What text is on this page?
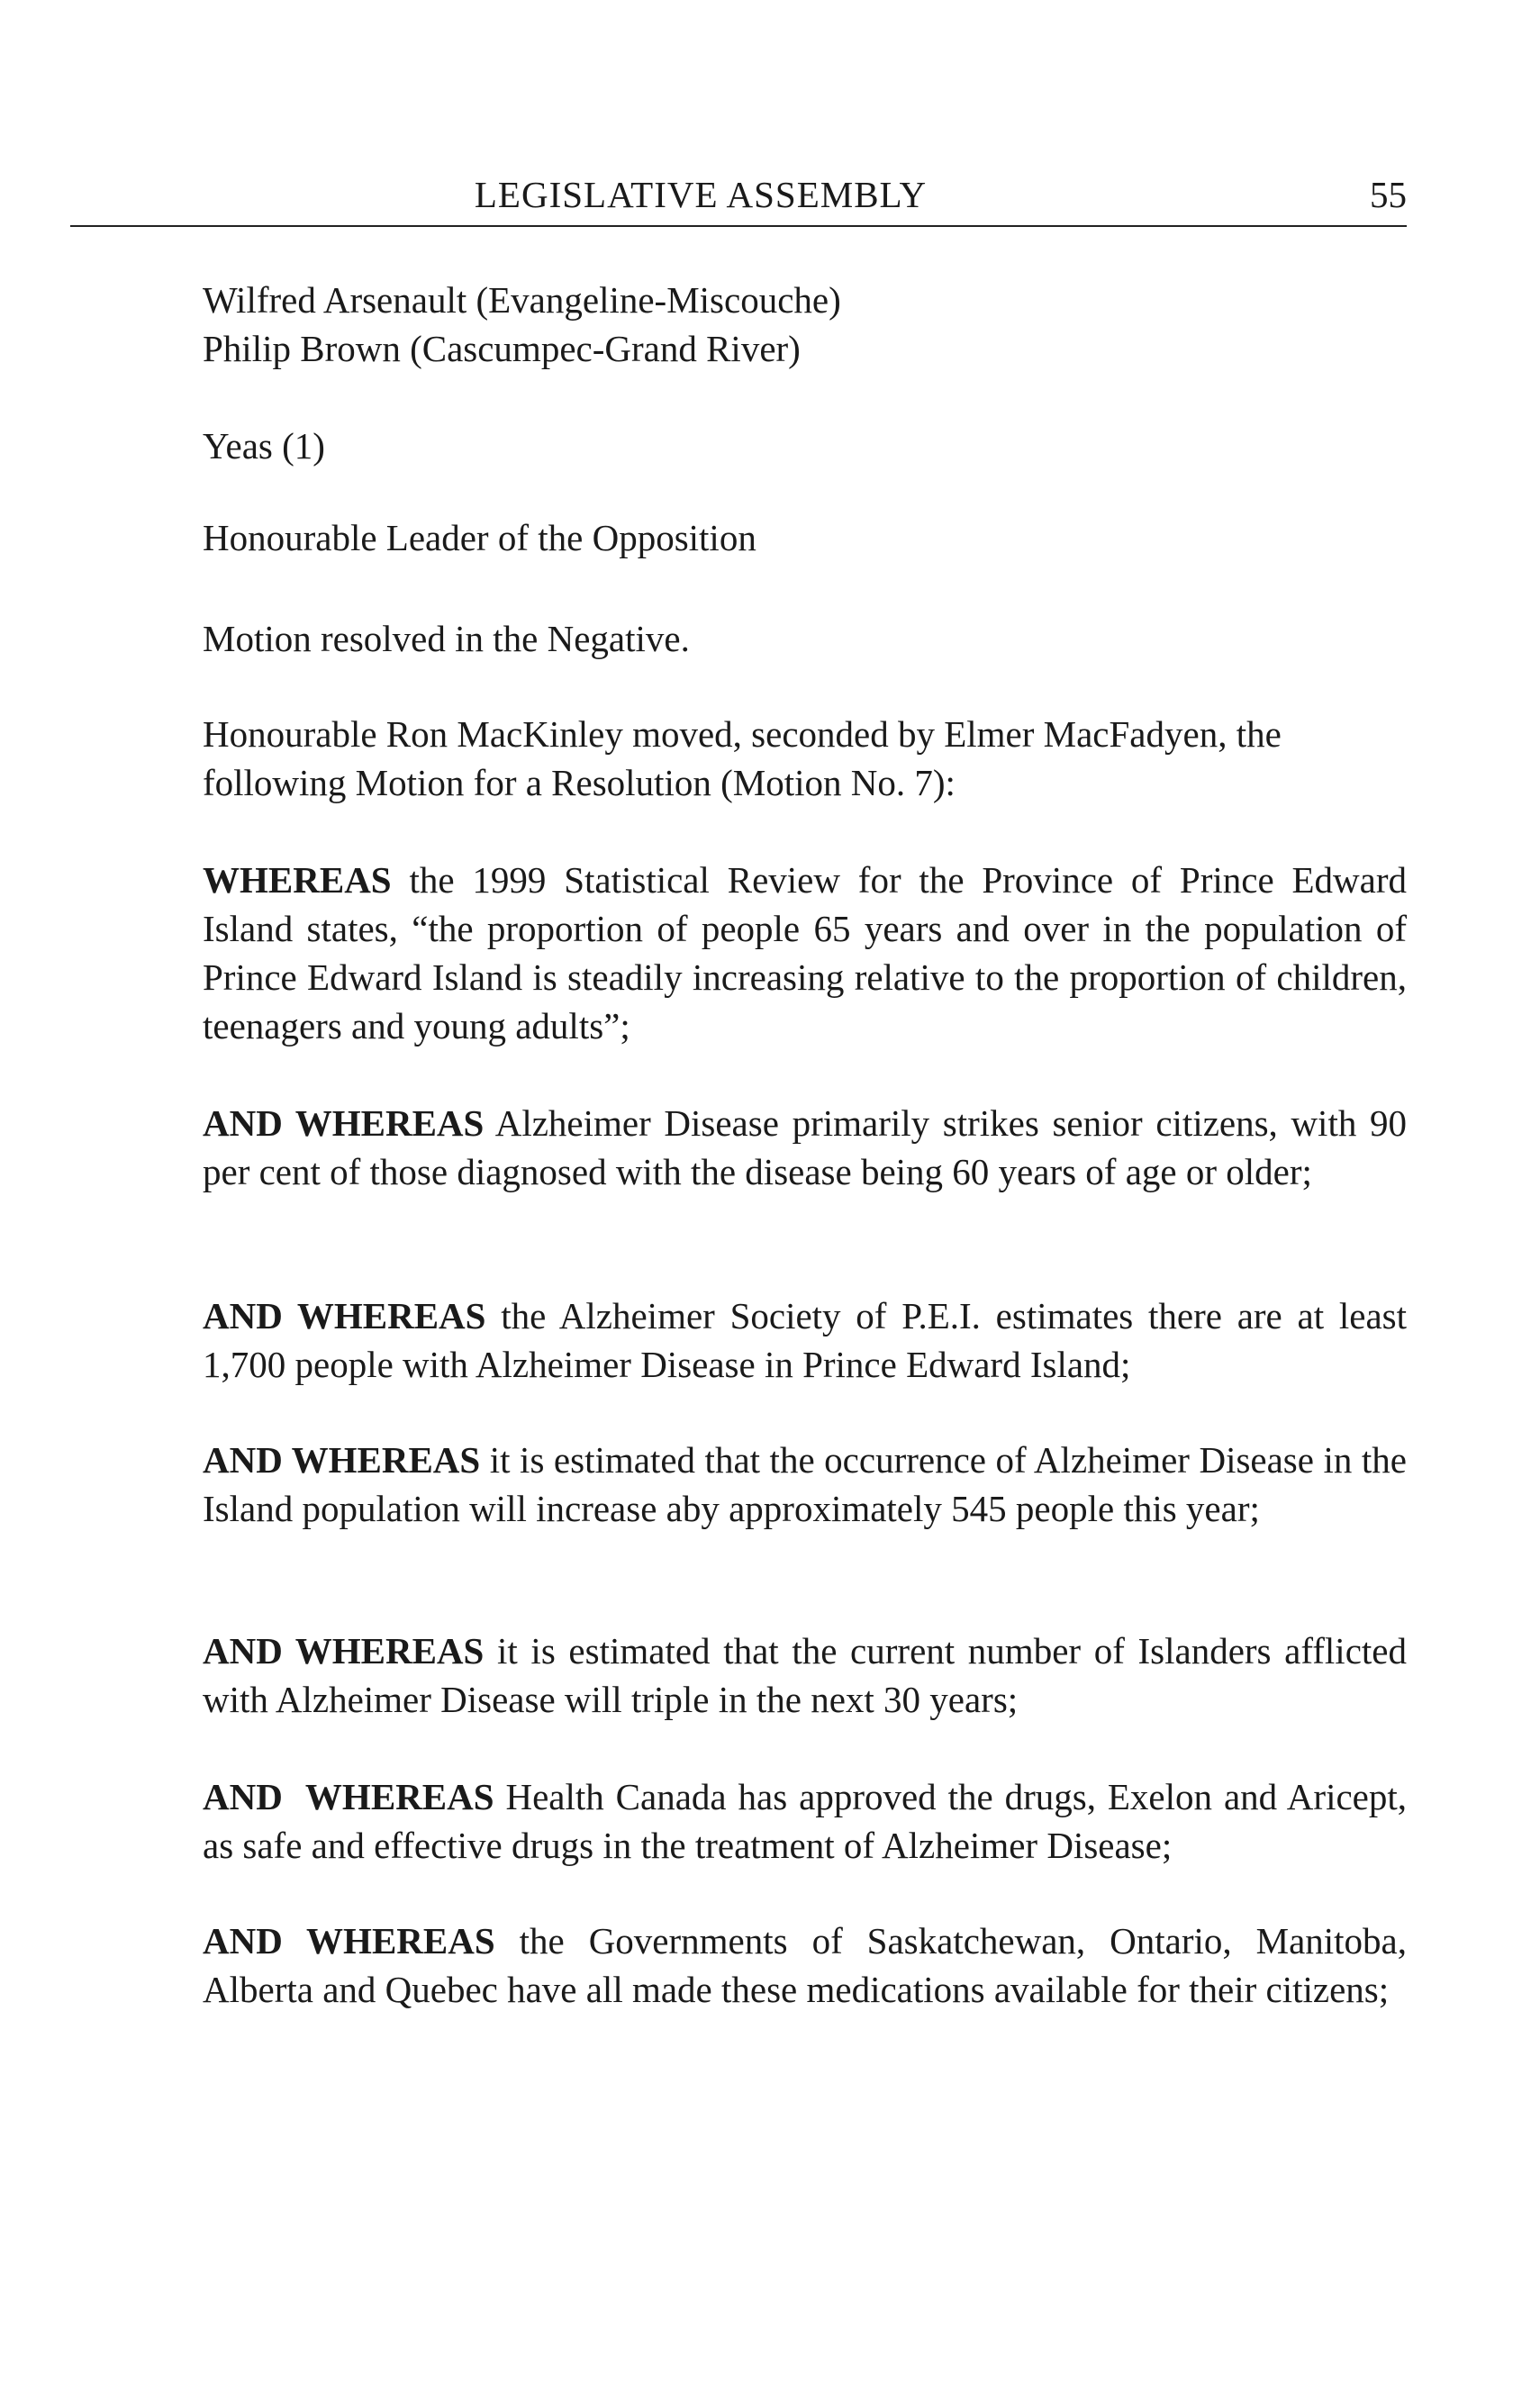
LEGISLATIVE ASSEMBLY	55

Wilfred Arsenault (Evangeline-Miscouche)
Philip Brown (Cascumpec-Grand River)

Yeas (1)

Honourable Leader of the Opposition

Motion resolved in the Negative.

Honourable Ron MacKinley moved, seconded by Elmer MacFadyen, the
following Motion for a Resolution (Motion No. 7):

WHEREAS the 1999 Statistical Review for the Province of Prince Edward Island states, “the proportion of people 65 years and over in the population of Prince Edward Island is steadily increasing relative to the proportion of children, teenagers and young adults”;

AND WHEREAS Alzheimer Disease primarily strikes senior citizens, with 90 per cent of those diagnosed with the disease being 60 years of age or older;

AND WHEREAS the Alzheimer Society of P.E.I. estimates there are at least 1,700 people with Alzheimer Disease in Prince Edward Island;

AND WHEREAS it is estimated that the occurrence of Alzheimer Disease in the Island population will increase aby approximately 545 people this year;

AND WHEREAS it is estimated that the current number of Islanders afflicted with Alzheimer Disease will triple in the next 30 years;

AND  WHEREAS Health Canada has approved the drugs, Exelon and Aricept, as safe and effective drugs in the treatment of Alzheimer Disease;

AND WHEREAS the Governments of Saskatchewan, Ontario, Manitoba, Alberta and Quebec have all made these medications available for their citizens;
